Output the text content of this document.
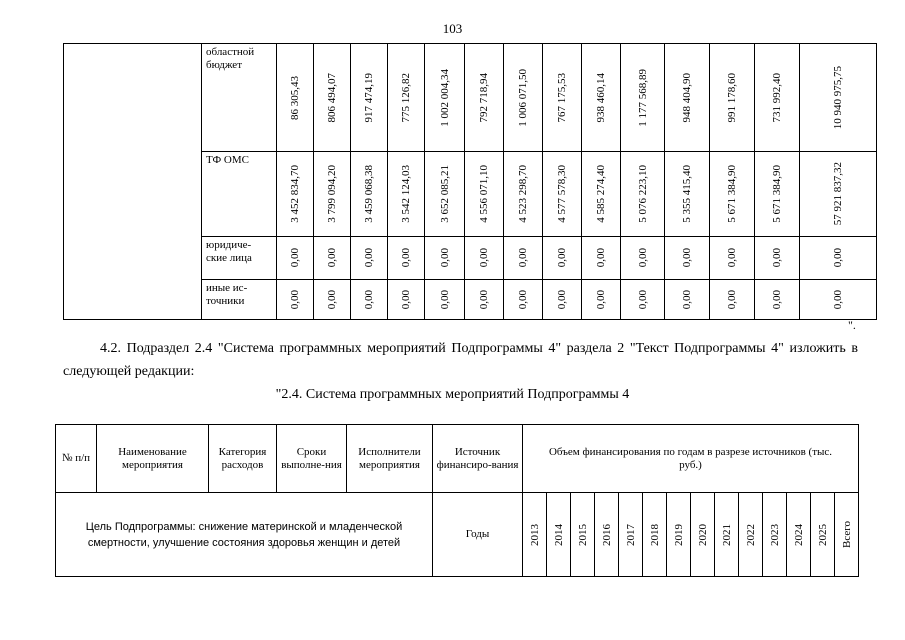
103
	областной бюджет	86 305,43	806 494,07	917 474,19	775 126,82	1 002 004,34	792 718,94	1 006 071,50	767 175,53	938 460,14	1 177 568,89	948 404,90	991 178,60	731 992,40	10 940 975,75

	ТФ ОМС	3 452 834,70	3 799 094,20	3 459 068,38	3 542 124,03	3 652 085,21	4 556 071,10	4 523 298,70	4 577 578,30	4 585 274,40	5 076 223,10	5 355 415,40	5 671 384,90	5 671 384,90	57 921 837,32

	юридиче-ские лица	0,00	0,00	0,00	0,00	0,00	0,00	0,00	0,00	0,00	0,00	0,00	0,00	0,00	0,00

	иные ис-точники	0,00	0,00	0,00	0,00	0,00	0,00	0,00	0,00	0,00	0,00	0,00	0,00	0,00	0,00
".
4.2. Подраздел 2.4 "Система программных мероприятий Подпрограммы 4" раздела 2 "Текст Подпрограммы 4" изложить в следующей редакции:
"2.4. Система программных мероприятий Подпрограммы 4
№ п/п	Наименование мероприятия	Категория расходов	Сроки выполне-ния	Исполнители мероприятия	Источник финансиро-вания	Объем финансирования по годам в разрезе источников (тыс. руб.)													
Цель Подпрограммы: снижение материнской и младенческой смертности, улучшение состояния здоровья женщин и детей					Годы	2013	2014	2015	2016	2017	2018	2019	2020	2021	2022	2023	2024	2025	Всего
